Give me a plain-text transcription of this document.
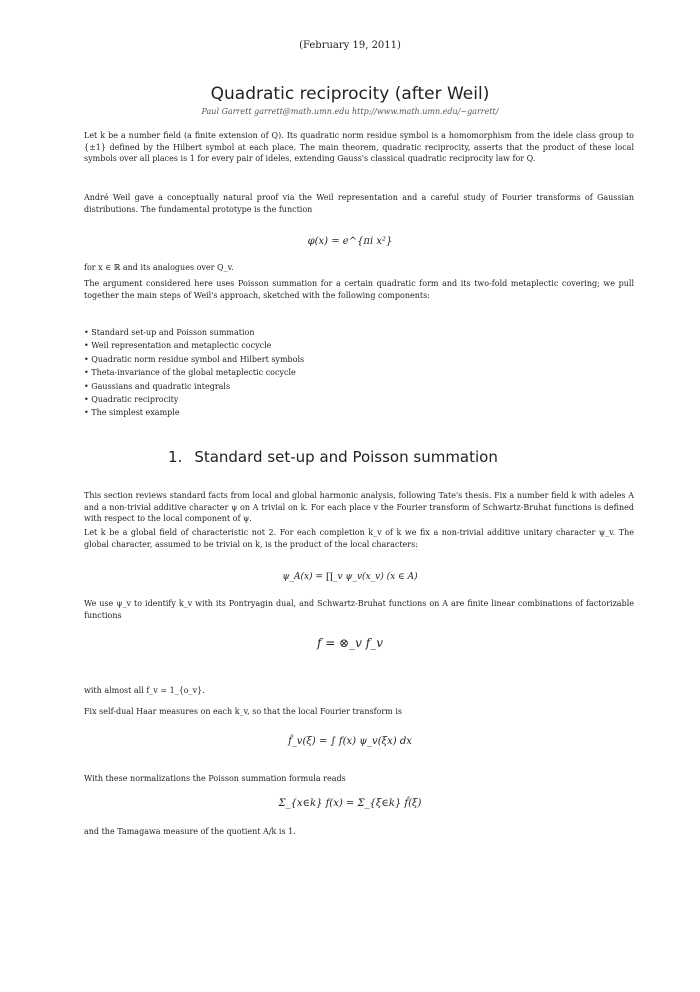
(February 19, 2011)
Quadratic reciprocity (after Weil)
Paul Garrett garrett@math.umn.edu http://www.math.umn.edu/~garrett/
Let k be a number field (a finite extension of Q). Its quadratic norm residue symbol is a homomorphism from the idele class group to {±1} defined by the Hilbert symbol at each place. The main theorem, quadratic reciprocity, asserts that the product of these local symbols over all places is 1 for every pair of ideles, extending Gauss's classical quadratic reciprocity law for Q.
André Weil gave a conceptually natural proof via the Weil representation and a careful study of Fourier transforms of Gaussian distributions. The fundamental prototype is the function
φ(x) = e^{πi x²}
for x ∈ ℝ and its analogues over Q_v.
The argument considered here uses Poisson summation for a certain quadratic form and its two-fold metaplectic covering; we pull together the main steps of Weil's approach, sketched with the following components:
• Standard set-up and Poisson summation
• Weil representation and metaplectic cocycle
• Quadratic norm residue symbol and Hilbert symbols
• Theta-invariance of the global metaplectic cocycle
• Gaussians and quadratic integrals
• Quadratic reciprocity
• The simplest example
1. Standard set-up and Poisson summation
This section reviews standard facts from local and global harmonic analysis, following Tate's thesis. Fix a number field k with adeles A and a non-trivial additive character ψ on A trivial on k. For each place v the Fourier transform of Schwartz-Bruhat functions is defined with respect to the local component of ψ.
Let k be a global field of characteristic not 2. For each completion k_v of k we fix a non-trivial additive unitary character ψ_v. The global character, assumed to be trivial on k, is the product of the local characters:
ψ_A(x) = ∏_v ψ_v(x_v) (x ∈ A)
We use ψ_v to identify k_v with its Pontryagin dual, and Schwartz-Bruhat functions on A are finite linear combinations of factorizable functions
f = ⊗_v f_v
with almost all f_v = 1_{o_v}.
Fix self-dual Haar measures on each k_v, so that the local Fourier transform is
f̂_v(ξ) = ∫ f(x) ψ_v(ξx) dx
With these normalizations the Poisson summation formula reads
Σ_{x∈k} f(x) = Σ_{ξ∈k} f̂(ξ)
and the Tamagawa measure of the quotient A/k is 1.
